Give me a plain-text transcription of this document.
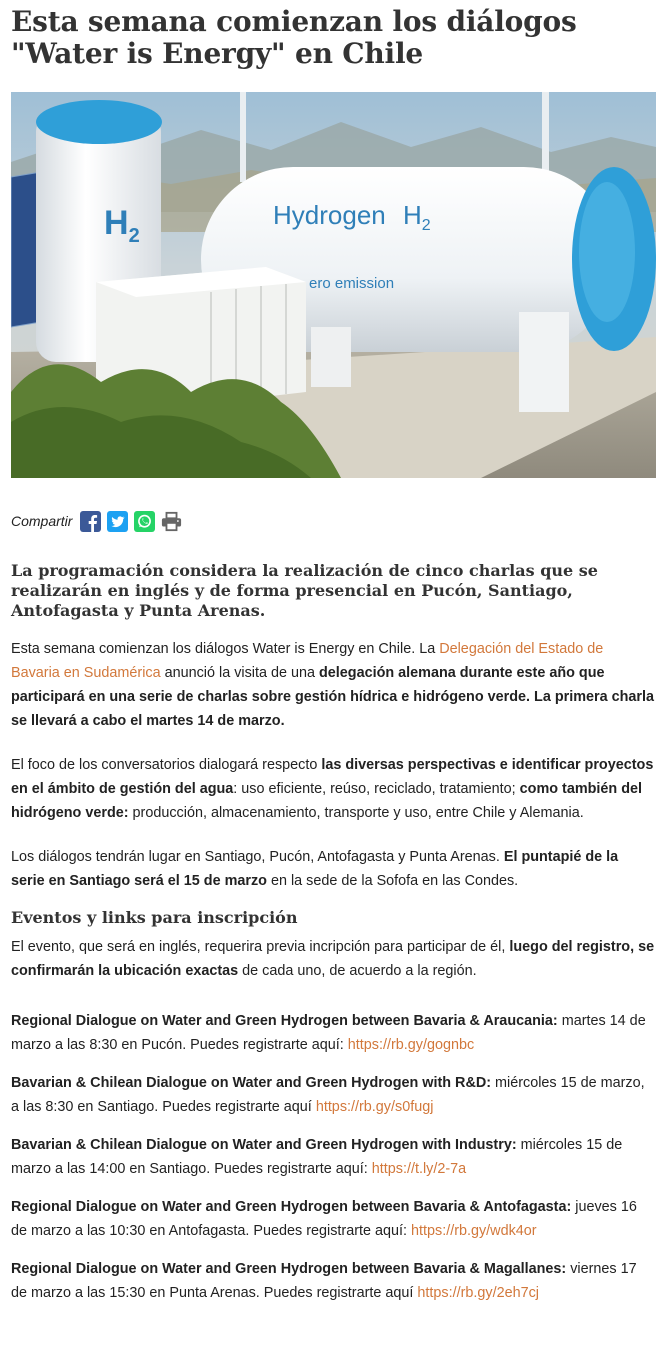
Esta semana comienzan los diálogos
"Water is Energy" en Chile
$H_2$
Hydrogen $H_2$
ero emission
Compartir
La programación considera la realización de cinco charlas que se realizarán en inglés y de forma presencial en Pucón, Santiago, Antofagasta y Punta Arenas.

Esta semana comienzan los diálogos Water is Energy en Chile. La Delegación del Estado de Bavaria en Sudamérica anunció la visita de una delegación alemana durante este año que participará en una serie de charlas sobre gestión hídrica e hidrógeno verde. La primera charla se llevará a cabo el martes 14 de marzo.

El foco de los conversatorios dialogará respecto las diversas perspectivas e identificar proyectos en el ámbito de gestión del agua: uso eficiente, reúso, reciclado, tratamiento; como también del hidrógeno verde: producción, almacenamiento, transporte y uso, entre Chile y Alemania.

Los diálogos tendrán lugar en Santiago, Pucón, Antofagasta y Punta Arenas. El puntapié de la serie en Santiago será el 15 de marzo en la sede de la Sofofa en las Condes.

Eventos y links para inscripción

El evento, que será en inglés, requerira previa incripción para participar de él, luego del registro, se confirmarán la ubicación exactas de cada uno, de acuerdo a la región.

Regional Dialogue on Water and Green Hydrogen between Bavaria & Araucania: martes 14 de marzo a las 8:30 en Pucón. Puedes registrarte aquí: https://rb.gy/gognbc

Bavarian & Chilean Dialogue on Water and Green Hydrogen with R&D: miércoles 15 de marzo, a las 8:30 en Santiago. Puedes registrarte aquí https://rb.gy/s0fugj

Bavarian & Chilean Dialogue on Water and Green Hydrogen with Industry: miércoles 15 de marzo a las 14:00 en Santiago. Puedes registrarte aquí: https://t.ly/2-7a

Regional Dialogue on Water and Green Hydrogen between Bavaria & Antofagasta: jueves 16 de marzo a las 10:30 en Antofagasta. Puedes registrarte aquí: https://rb.gy/wdk4or

Regional Dialogue on Water and Green Hydrogen between Bavaria & Magallanes: viernes 17 de marzo a las 15:30 en Punta Arenas. Puedes registrarte aquí https://rb.gy/2eh7cj
